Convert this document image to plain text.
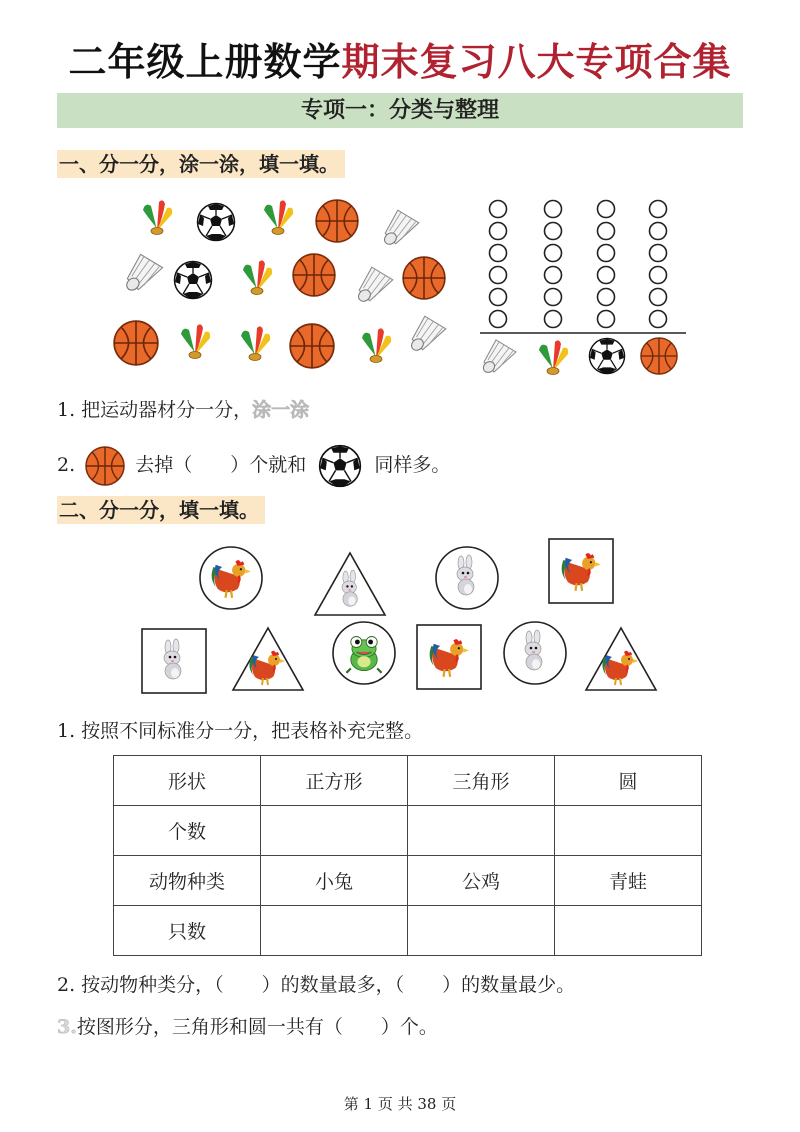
二年级上册数学期末复习八大专项合集
专项一：分类与整理
一、分一分，涂一涂，填一填。
1. 把运动器材分一分，涂一涂
2.	去掉（　　）个就和	同样多。
二、分一分，填一填。
1. 按照不同标准分一分，把表格补充完整。
形状	正方形	三角形	圆
个数			
动物种类	小兔	公鸡	青蛙
只数			
2. 按动物种类分，（　　）的数量最多，（　　）的数量最少。
3.按图形分，三角形和圆一共有（　　）个。
第 1 页 共 38 页
